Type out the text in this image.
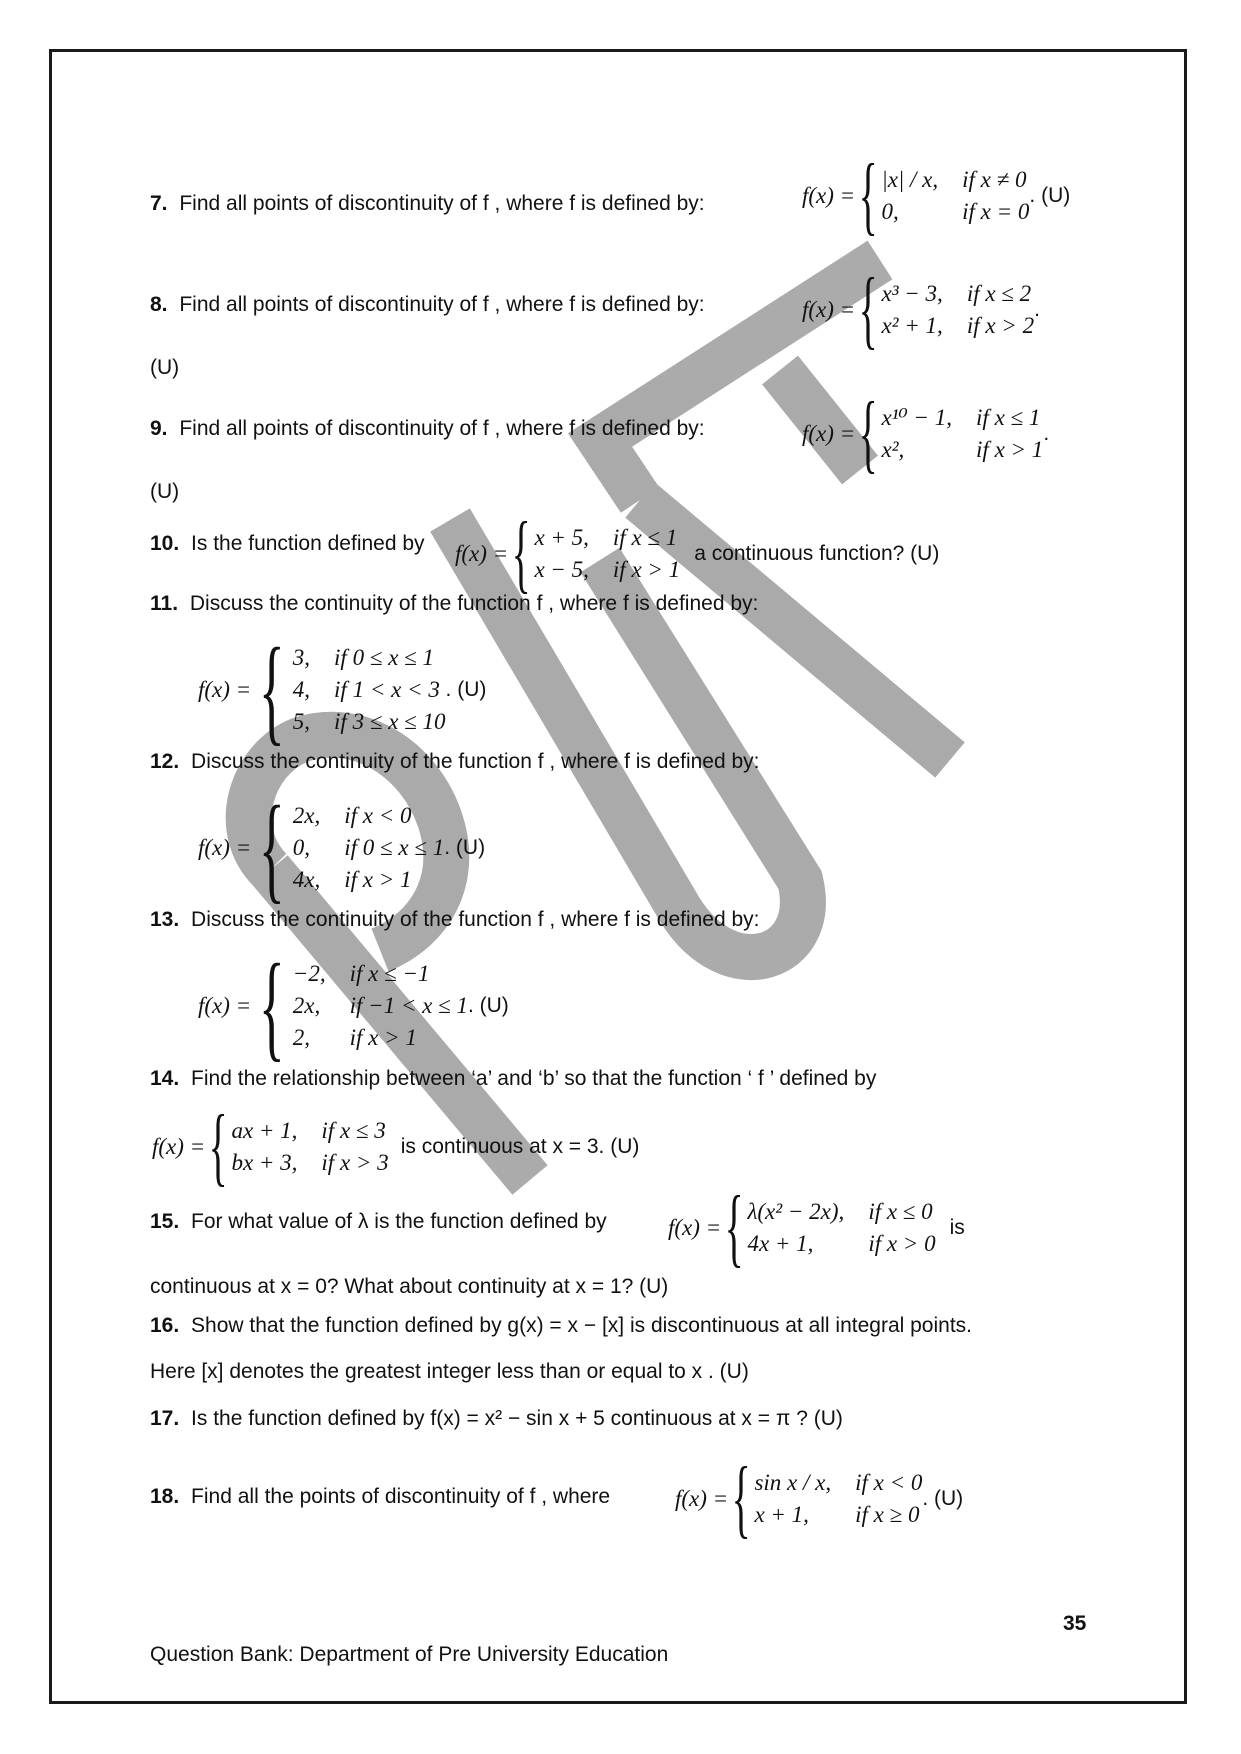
7. Find all points of discontinuity of f , where f is defined by:	f(x) = { |x| / x, if x ≠ 0
0,	if x = 0
. (U)
8. Find all points of discontinuity of f , where f is defined by:	f(x) = { x³ − 3, if x ≤ 2
x² + 1, if x > 2
.
(U)
9. Find all points of discontinuity of f , where f is defined by:	f(x) = { x¹⁰ − 1, if x ≤ 1
x²,	if x > 1
.
(U)
10. Is the function defined by f(x) = { x + 5, if x ≤ 1
x − 5, if x > 1
a continuous function? (U)
11. Discuss the continuity of the function f , where f is defined by:
f(x) = { 3, if 0 ≤ x ≤ 1
4, if 1 < x < 3
5, if 3 ≤ x ≤ 10
. (U)
12. Discuss the continuity of the function f , where f is defined by:
f(x) = { 2x, if x < 0
0,	if 0 ≤ x ≤ 1
4x, if x > 1
. (U)
13. Discuss the continuity of the function f , where f is defined by:
f(x) = { −2, if x ≤ −1
2x, if −1 < x ≤ 1
2,	if x > 1
. (U)
14. Find the relationship between ‘a’ and ‘b’ so that the function ‘ f ’ defined by
f(x) = { ax + 1, if x ≤ 3
bx + 3, if x > 3
is continuous at x = 3. (U)
15. For what value of λ is the function defined by	f(x) = { λ(x² − 2x), if x ≤ 0
4x + 1,	if x > 0
is
continuous at x = 0? What about continuity at x = 1? (U)
16. Show that the function defined by g(x) = x − [x] is discontinuous at all integral points.
Here [x] denotes the greatest integer less than or equal to x . (U)
17. Is the function defined by f(x) = x² − sin x + 5 continuous at x = π ? (U)
18. Find all the points of discontinuity of f , where	f(x) = { sin x / x, if x < 0
x + 1,	if x ≥ 0
. (U)
35
Question Bank: Department of Pre University Education
